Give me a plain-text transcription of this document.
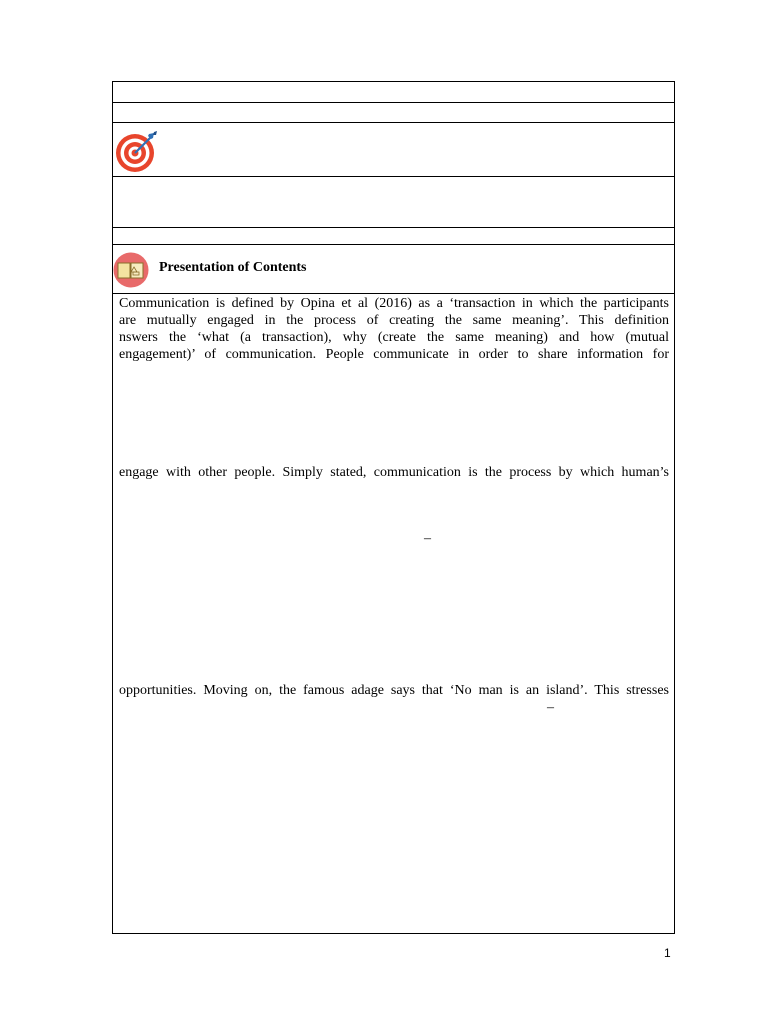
Presentation of Contents
Communication is defined by Opina et al (2016) as a ‘transaction in which the participants
are mutually engaged in the process of creating the same meaning’. This definition
nswers the ‘what (a transaction), why (create the same meaning) and how (mutual
engagement)’ of communication. People communicate in order to share information for
engage with other people. Simply stated, communication is the process by which human’s
–
opportunities. Moving on, the famous adage says that ‘No man is an island’. This stresses
–
1
